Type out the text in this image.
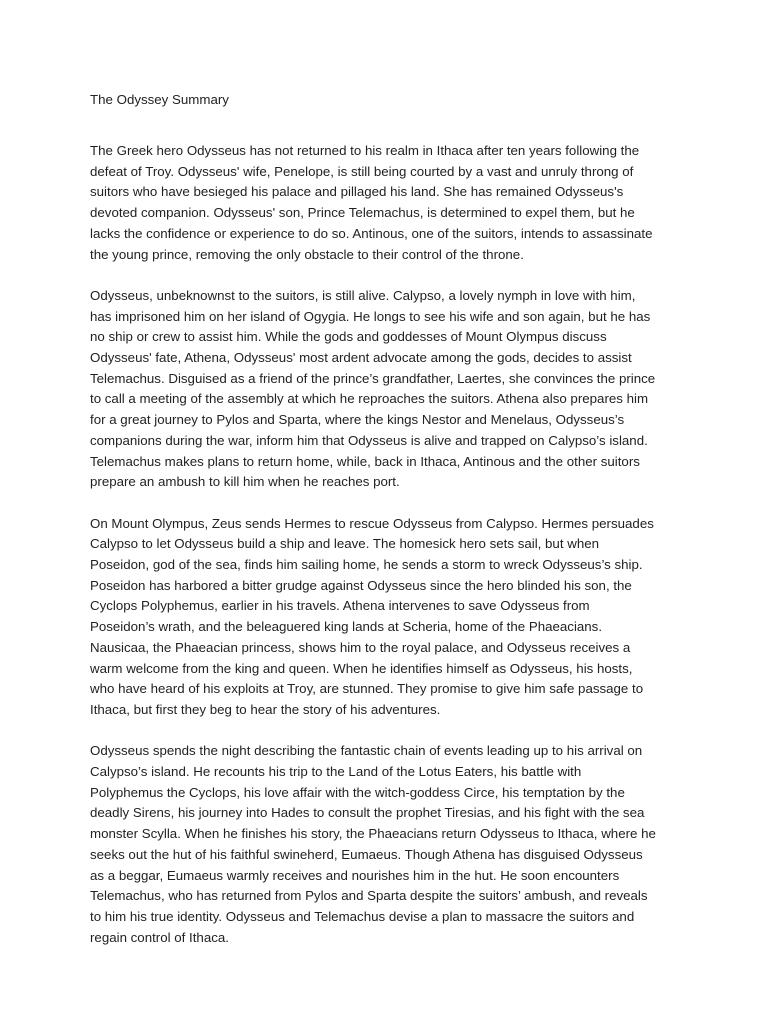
The Odyssey Summary

The Greek hero Odysseus has not returned to his realm in Ithaca after ten years following the
defeat of Troy. Odysseus' wife, Penelope, is still being courted by a vast and unruly throng of
suitors who have besieged his palace and pillaged his land. She has remained Odysseus's
devoted companion. Odysseus' son, Prince Telemachus, is determined to expel them, but he
lacks the confidence or experience to do so. Antinous, one of the suitors, intends to assassinate
the young prince, removing the only obstacle to their control of the throne.

Odysseus, unbeknownst to the suitors, is still alive. Calypso, a lovely nymph in love with him,
has imprisoned him on her island of Ogygia. He longs to see his wife and son again, but he has
no ship or crew to assist him. While the gods and goddesses of Mount Olympus discuss
Odysseus' fate, Athena, Odysseus' most ardent advocate among the gods, decides to assist
Telemachus. Disguised as a friend of the prince’s grandfather, Laertes, she convinces the prince
to call a meeting of the assembly at which he reproaches the suitors. Athena also prepares him
for a great journey to Pylos and Sparta, where the kings Nestor and Menelaus, Odysseus’s
companions during the war, inform him that Odysseus is alive and trapped on Calypso’s island.
Telemachus makes plans to return home, while, back in Ithaca, Antinous and the other suitors
prepare an ambush to kill him when he reaches port.

On Mount Olympus, Zeus sends Hermes to rescue Odysseus from Calypso. Hermes persuades
Calypso to let Odysseus build a ship and leave. The homesick hero sets sail, but when
Poseidon, god of the sea, finds him sailing home, he sends a storm to wreck Odysseus’s ship.
Poseidon has harbored a bitter grudge against Odysseus since the hero blinded his son, the
Cyclops Polyphemus, earlier in his travels. Athena intervenes to save Odysseus from
Poseidon’s wrath, and the beleaguered king lands at Scheria, home of the Phaeacians.
Nausicaa, the Phaeacian princess, shows him to the royal palace, and Odysseus receives a
warm welcome from the king and queen. When he identifies himself as Odysseus, his hosts,
who have heard of his exploits at Troy, are stunned. They promise to give him safe passage to
Ithaca, but first they beg to hear the story of his adventures.

Odysseus spends the night describing the fantastic chain of events leading up to his arrival on
Calypso’s island. He recounts his trip to the Land of the Lotus Eaters, his battle with
Polyphemus the Cyclops, his love affair with the witch-goddess Circe, his temptation by the
deadly Sirens, his journey into Hades to consult the prophet Tiresias, and his fight with the sea
monster Scylla. When he finishes his story, the Phaeacians return Odysseus to Ithaca, where he
seeks out the hut of his faithful swineherd, Eumaeus. Though Athena has disguised Odysseus
as a beggar, Eumaeus warmly receives and nourishes him in the hut. He soon encounters
Telemachus, who has returned from Pylos and Sparta despite the suitors’ ambush, and reveals
to him his true identity. Odysseus and Telemachus devise a plan to massacre the suitors and
regain control of Ithaca.
